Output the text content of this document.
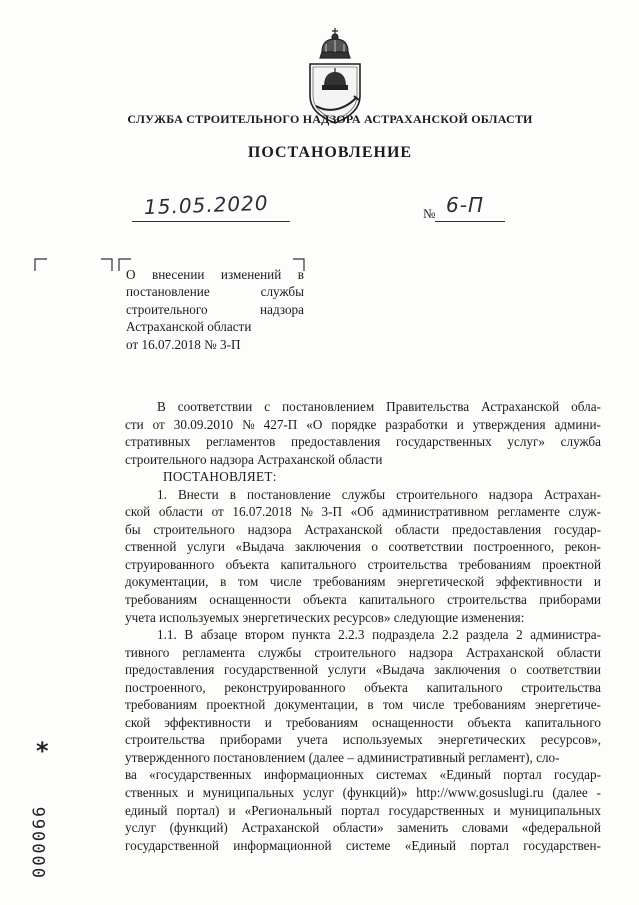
СЛУЖБА СТРОИТЕЛЬНОГО НАДЗОРА АСТРАХАНСКОЙ ОБЛАСТИ
ПОСТАНОВЛЕНИЕ
15.05.2020	№ 6-П
О внесении изменений в
постановление	службы
строительного	надзора
Астраханской области
от 16.07.2018 № 3-П
В соответствии с постановлением Правительства Астраханской обла-
сти от 30.09.2010 № 427-П «О порядке разработки и утверждения админи-
стративных регламентов предоставления государственных услуг» служба
строительного надзора Астраханской области
ПОСТАНОВЛЯЕТ:
1. Внести в постановление службы строительного надзора Астрахан-
ской области от 16.07.2018 № 3-П «Об административном регламенте служ-
бы строительного надзора Астраханской области предоставления государ-
ственной услуги «Выдача заключения о соответствии построенного, рекон-
струированного объекта капитального строительства требованиям проектной
документации, в том числе требованиям энергетической эффективности и
требованиям оснащенности объекта капитального строительства приборами
учета используемых энергетических ресурсов» следующие изменения:
1.1. В абзаце втором пункта 2.2.3 подраздела 2.2 раздела 2 администра-
тивного регламента службы строительного надзора Астраханской области
предоставления государственной услуги «Выдача заключения о соответствии
построенного, реконструированного объекта капитального строительства
требованиям проектной документации, в том числе требованиям энергетиче-
ской эффективности и требованиям оснащенности объекта капитального
строительства приборами учета используемых энергетических ресурсов»,
утвержденного постановлением (далее – административный регламент), сло-
ва «государственных информационных системах «Единый портал государ-
ственных и муниципальных услуг (функций)» http://www.gosuslugi.ru (далее -
единый портал) и «Региональный портал государственных и муниципальных
услуг (функций) Астраханской области» заменить словами «федеральной
государственной информационной системе «Единый портал государствен-
*
000066
